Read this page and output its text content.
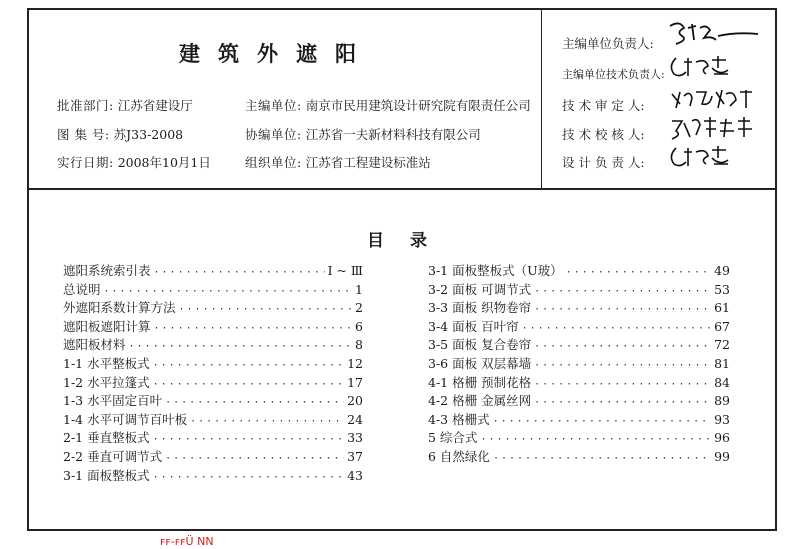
建筑外遮阳
批准部门: 江苏省建设厅
图 集 号: 苏J33-2008
实行日期: 2008年10月1日
主编单位: 南京市民用建筑设计研究院有限责任公司
协编单位: 江苏省一夫新材料科技有限公司
组织单位: 江苏省工程建设标准站
主编单位负责人:
主编单位技术负责人:
技 术 审 定 人:
技 术 校 核 人:
设 计 负 责 人:
目录
遮阳系统索引表 ·····	Ⅰ ~ Ⅲ
总说明 ·····	1
外遮阳系数计算方法 ·····	2
遮阳板遮阳计算 ·····	6
遮阳板材料 ·····	8
1-1 水平整板式 ·····	12
1-2 水平拉篷式 ·····	17
1-3 水平固定百叶 ·····	20
1-4 水平可调节百叶板 ·····	24
2-1 垂直整板式 ·····	33
2-2 垂直可调节式 ·····	37
3-1 面板整板式 ·····	43
3-1 面板整板式（U玻） ·····	49
3-2 面板 可调节式 ·····	53
3-3 面板 织物卷帘 ·····	61
3-4 面板 百叶帘 ·····	67
3-5 面板 复合卷帘 ·····	72
3-6 面板 双层幕墙 ·····	81
4-1 格栅 预制花格 ·····	84
4-2 格栅 金属丝网 ·····	89
4-3 格栅式 ·····	93
5 综合式 ·····	96
6 自然绿化 ·····	99
ꜰꜰ-ꜰꜰÜ NN
